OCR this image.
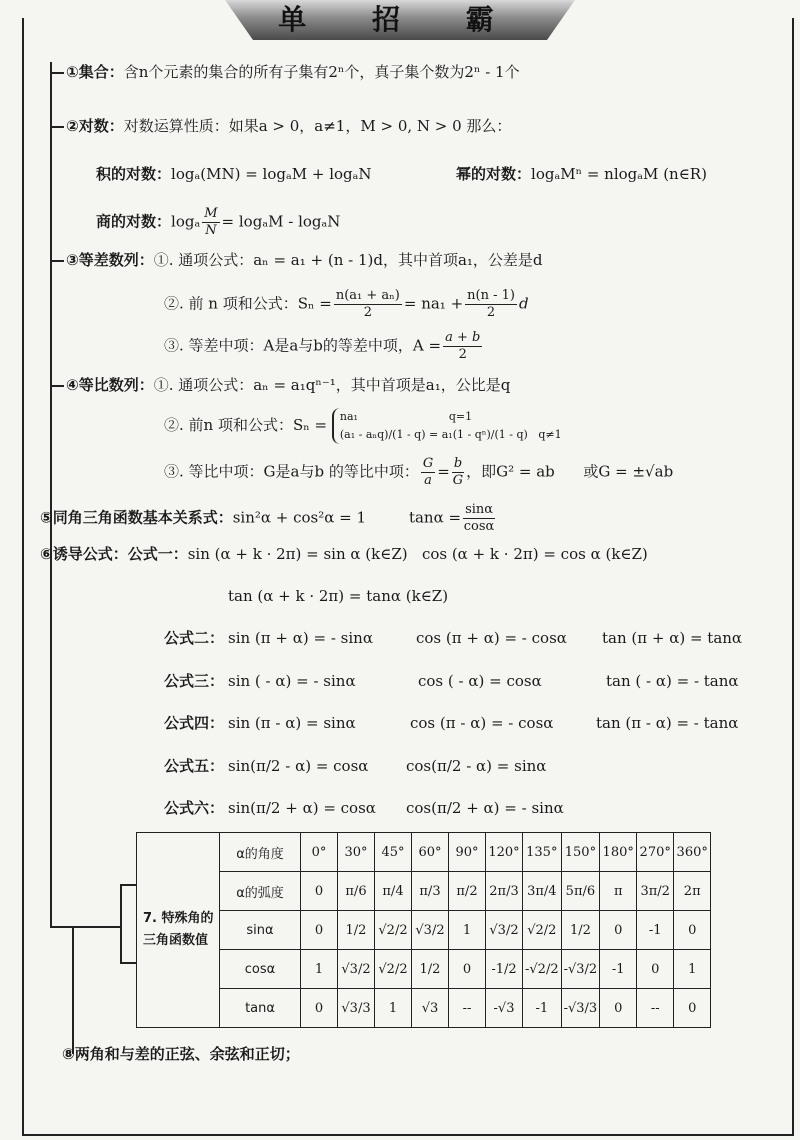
单 招 霸
①集合：含n个元素的集合的所有子集有2ⁿ个，真子集个数为2ⁿ - 1个
②对数：对数运算性质：如果a > 0，a≠1，M > 0, N > 0 那么：
积的对数：logₐ(MN) = logₐM + logₐN	幂的对数：logₐMⁿ = nlogₐM (n∈R)
商的对数：logₐ $\frac{M}{N} = \log_aM - \log_aN$
③等差数列：①. 通项公式：aₙ = a₁ + (n - 1)d，其中首项a₁，公差是d
②. 前 n 项和公式：$S_n = \frac{\text{n(a₁ + aₙ)}}{2} = na_1 + \frac{n(n - 1)}{2}$ d
③. 等差中项：A是a与b的等差中项，$A = \frac{a + b}{2}$
④等比数列：①. 通项公式：aₙ = a₁qⁿ⁻¹，其中首项是a₁，公比是q
②. 前n 项和公式：Sₙ = na₁	q=1
(a₁ - aₙq)/(1 - q) = a₁(1 - qⁿ)/(1 - q) q≠1
③. 等比中项：G是a与b 的等比中项： $\frac{G}{a} = \frac{b}{G}$ ，即G² = ab 或G = ±√ab
⑤同角三角函数基本关系式：sin²α + cos²α = 1	$\tan\alpha = \frac{\sin\alpha}{\cos\alpha}$
⑥诱导公式：公式一：sin (α + k · 2π) = sin α (k∈Z) cos (α + k · 2π) = cos α (k∈Z)
tan (α + k · 2π) = tanα (k∈Z)
公式二： sin (π + α) = - sinα	cos (π + α) = - cosα tan (π + α) = tanα
公式三： sin ( - α) = - sinα	cos ( - α) = cosα	tan ( - α) = - tanα
公式四： sin (π - α) = sinα	cos (π - α) = - cosα	tan (π - α) = - tanα
公式五： sin(π/2 - α) = cosα	cos(π/2 - α) = sinα
公式六： sin(π/2 + α) = cosα cos(π/2 + α) = - sinα
7. 特殊角的三角函数值	α的角度	0°	30°	45°	60°	90°	120°	135°	150°	180°	270°	360°
	α的弧度	0	π/6	π/4	π/3	π/2	2π/3	3π/4	5π/6	π	3π/2	2π
	sinα	0	1/2	√2/2	√3/2	1	√3/2	√2/2	1/2	0	-1	0
	cosα	1	√3/2	√2/2	1/2	0	-1/2	-√2/2	-√3/2	-1	0	1
	tanα	0	√3/3	1	√3	--	-√3	-1	-√3/3	0	--	0
⑧两角和与差的正弦、余弦和正切；
